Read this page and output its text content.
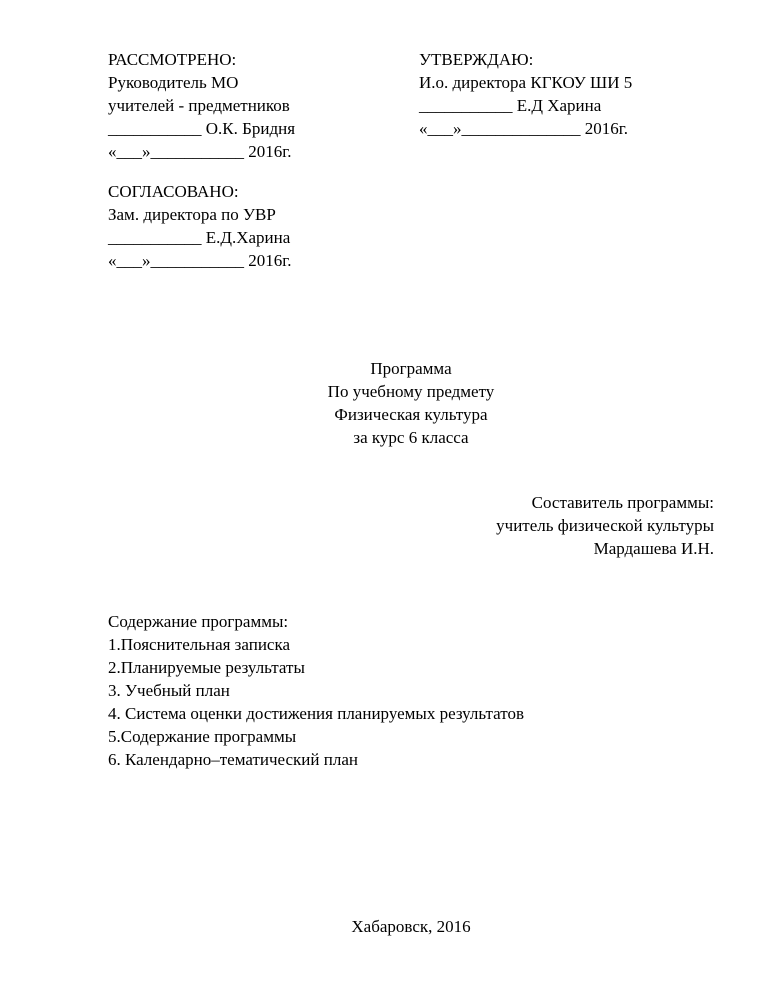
РАССМОТРЕНО:
Руководитель МО
учителей - предметников
___________ О.К. Бридня
«___»___________ 2016г.
УТВЕРЖДАЮ:
И.о. директора КГКОУ ШИ 5
___________ Е.Д Харина
«___»______________ 2016г.
СОГЛАСОВАНО:
Зам. директора по УВР
___________ Е.Д.Харина
«___»___________ 2016г.
Программа
По учебному предмету
Физическая культура
за курс 6 класса
Составитель программы:
учитель физической культуры
Мардашева И.Н.
Содержание программы:
1.Пояснительная записка
2.Планируемые результаты
3. Учебный план
4. Система оценки достижения планируемых результатов
5.Содержание программы
6. Календарно–тематический план
Хабаровск, 2016
